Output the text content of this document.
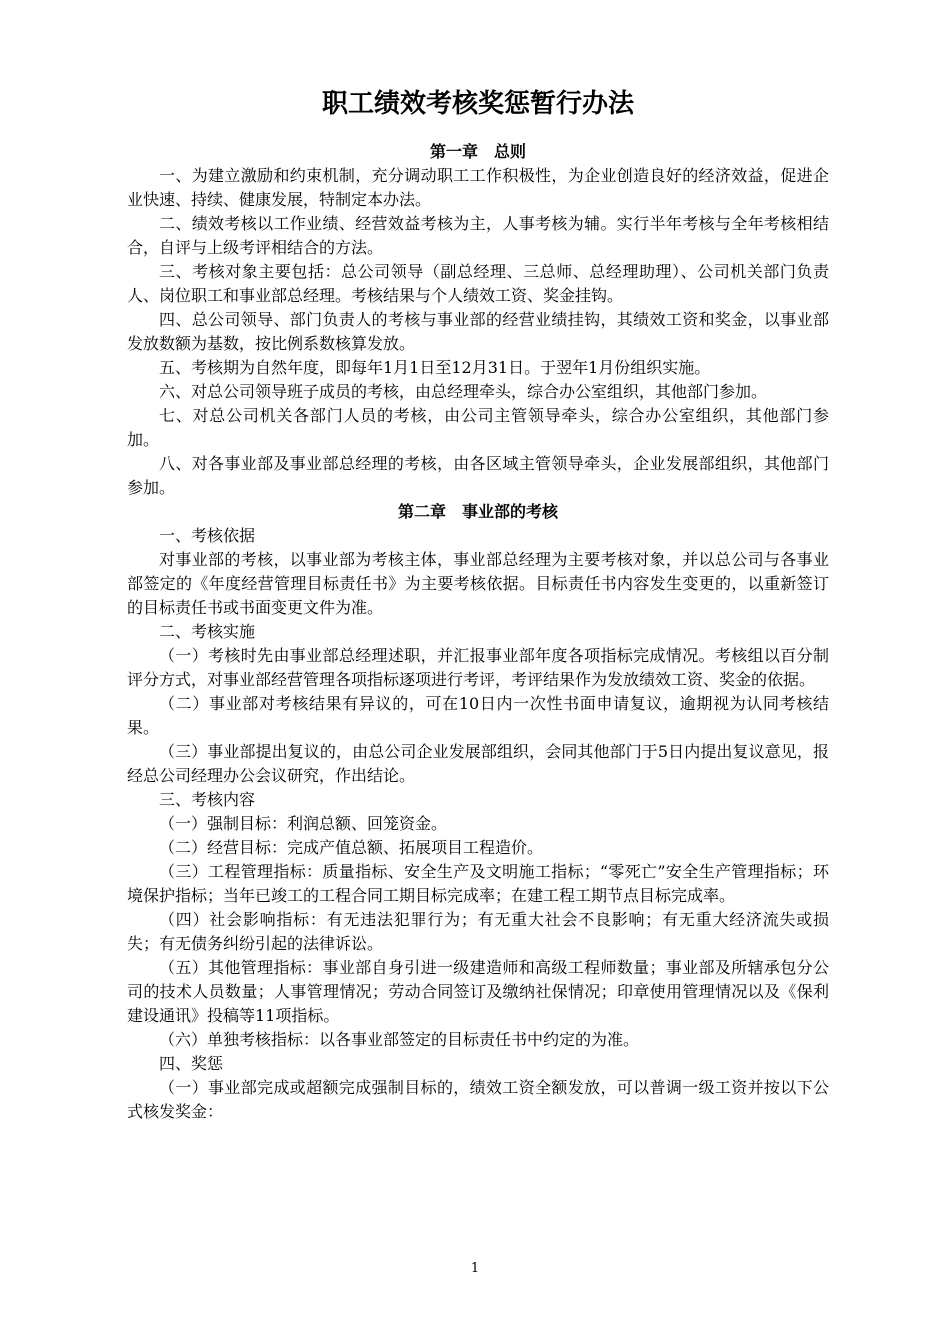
职工绩效考核奖惩暂行办法
第一章　总则

一、为建立激励和约束机制，充分调动职工工作积极性，为企业创造良好的经济效益，促进企业快速、持续、健康发展，特制定本办法。

二、绩效考核以工作业绩、经营效益考核为主，人事考核为辅。实行半年考核与全年考核相结合，自评与上级考评相结合的方法。

三、考核对象主要包括：总公司领导（副总经理、三总师、总经理助理）、公司机关部门负责人、岗位职工和事业部总经理。考核结果与个人绩效工资、奖金挂钩。

四、总公司领导、部门负责人的考核与事业部的经营业绩挂钩，其绩效工资和奖金，以事业部发放数额为基数，按比例系数核算发放。

五、考核期为自然年度，即每年1月1日至12月31日。于翌年1月份组织实施。

六、对总公司领导班子成员的考核，由总经理牵头，综合办公室组织，其他部门参加。

七、对总公司机关各部门人员的考核，由公司主管领导牵头，综合办公室组织，其他部门参加。

八、对各事业部及事业部总经理的考核，由各区域主管领导牵头，企业发展部组织，其他部门参加。

第二章　事业部的考核

一、考核依据

对事业部的考核，以事业部为考核主体，事业部总经理为主要考核对象，并以总公司与各事业部签定的《年度经营管理目标责任书》为主要考核依据。目标责任书内容发生变更的，以重新签订的目标责任书或书面变更文件为准。

二、考核实施

（一）考核时先由事业部总经理述职，并汇报事业部年度各项指标完成情况。考核组以百分制评分方式，对事业部经营管理各项指标逐项进行考评，考评结果作为发放绩效工资、奖金的依据。

（二）事业部对考核结果有异议的，可在10日内一次性书面申请复议，逾期视为认同考核结果。

（三）事业部提出复议的，由总公司企业发展部组织，会同其他部门于5日内提出复议意见，报经总公司经理办公会议研究，作出结论。

三、考核内容

（一）强制目标：利润总额、回笼资金。

（二）经营目标：完成产值总额、拓展项目工程造价。

（三）工程管理指标：质量指标、安全生产及文明施工指标；“零死亡”安全生产管理指标；环境保护指标；当年已竣工的工程合同工期目标完成率；在建工程工期节点目标完成率。

（四）社会影响指标：有无违法犯罪行为；有无重大社会不良影响；有无重大经济流失或损失；有无债务纠纷引起的法律诉讼。

（五）其他管理指标：事业部自身引进一级建造师和高级工程师数量；事业部及所辖承包分公司的技术人员数量；人事管理情况；劳动合同签订及缴纳社保情况；印章使用管理情况以及《保利建设通讯》投稿等11项指标。

（六）单独考核指标：以各事业部签定的目标责任书中约定的为准。

四、奖惩

（一）事业部完成或超额完成强制目标的，绩效工资全额发放，可以普调一级工资并按以下公式核发奖金：

1
